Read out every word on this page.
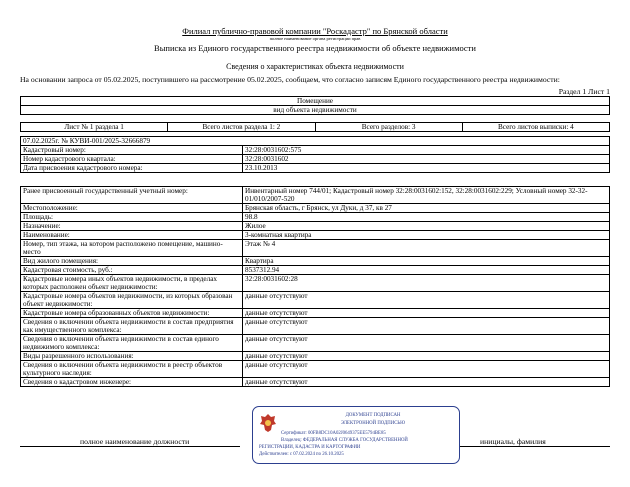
Филиал публично-правовой компании "Роскадастр" по Брянской области
полное наименование органа регистрации прав
Выписка из Единого государственного реестра недвижимости об объекте недвижимости
Сведения о характеристиках объекта недвижимости
На основании запроса от 05.02.2025, поступившего на рассмотрение 05.02.2025, сообщаем, что согласно записям Единого государственного реестра недвижимости:
Раздел 1 Лист 1
Помещение
вид объекта недвижимости
Лист № 1 раздела 1	Всего листов раздела 1: 2	Всего разделов: 3	Всего листов выписки: 4
07.02.2025г. № КУВИ-001/2025-32666879	
Кадастровый номер:	32:28:0031602:575
Номер кадастрового квартала:	32:28:0031602
Дата присвоения кадастрового номера:	23.10.2013
Ранее присвоенный государственный учетный номер:	Инвентарный номер 744/01; Кадастровый номер 32:28:0031602:152, 32:28:0031602:229; Условный номер 32-32-01/010/2007-520
Местоположение:	Брянская область, г Брянск, ул Дуки, д 37, кв 27
Площадь:	98.8
Назначение:	Жилое
Наименование:	3-комнатная квартира
Номер, тип этажа, на котором расположено помещение, машино-место	Этаж № 4
Вид жилого помещения:	Квартира
Кадастровая стоимость, руб.:	8537312.94
Кадастровые номера иных объектов недвижимости, в пределах которых расположен объект недвижимости:	32:28:0031602:28
Кадастровые номера объектов недвижимости, из которых образован объект недвижимости:	данные отсутствуют
Кадастровые номера образованных объектов недвижимости:	данные отсутствуют
Сведения о включении объекта недвижимости в состав предприятия как имущественного комплекса:	данные отсутствуют
Сведения о включении объекта недвижимости в состав единого недвижимого комплекса:	данные отсутствуют
Виды разрешенного использования:	данные отсутствуют
Сведения о включении объекта недвижимости в реестр объектов культурного наследия:	данные отсутствуют
Сведения о кадастровом инженере:	данные отсутствуют
полное наименование должности	инициалы, фамилия
ДОКУМЕНТ ПОДПИСАН
ЭЛЕКТРОННОЙ ПОДПИСЬЮ
Сертификат: 00FB8DC10A02J0649375EE5794BE85
Владелец: ФЕДЕРАЛЬНАЯ СЛУЖБА ГОСУДАРСТВЕННОЙ
РЕГИСТРАЦИИ, КАДАСТРА И КАРТОГРАФИИ
Действителен: с 07.02.2024 по 26.10.2025
